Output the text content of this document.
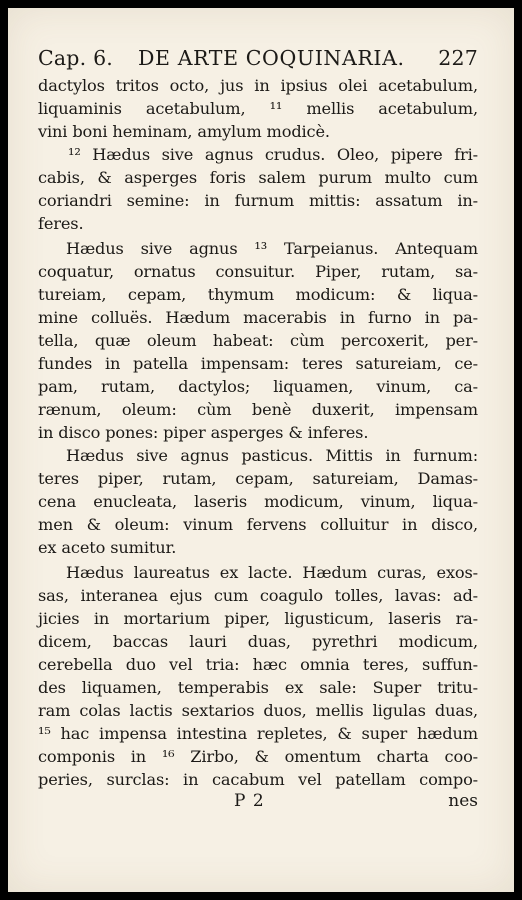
Cap. 6. DE ARTE COQUINARIA. 227
dactylos tritos octo, jus in ipsius olei acetabulum,
liquaminis acetabulum, ¹¹ mellis acetabulum,
vini boni heminam, amylum modicè.
¹² Hædus sive agnus crudus. Oleo, pipere fri-
cabis, & asperges foris salem purum multo cum
coriandri semine: in furnum mittis: assatum in-
feres.
Hædus sive agnus ¹³ Tarpeianus. Antequam
coquatur, ornatus consuitur. Piper, rutam, sa-
tureiam, cepam, thymum modicum: & liqua-
mine colluës. Hædum macerabis in furno in pa-
tella, quæ oleum habeat: cùm percoxerit, per-
fundes in patella impensam: teres satureiam, ce-
pam, rutam, dactylos; liquamen, vinum, ca-
rænum, oleum: cùm benè duxerit, impensam
in disco pones: piper asperges & inferes.
Hædus sive agnus pasticus. Mittis in furnum:
teres piper, rutam, cepam, satureiam, Damas-
cena enucleata, laseris modicum, vinum, liqua-
men & oleum: vinum fervens colluitur in disco,
ex aceto sumitur.
Hædus laureatus ex lacte. Hædum curas, exos-
sas, interanea ejus cum coagulo tolles, lavas: ad-
jicies in mortarium piper, ligusticum, laseris ra-
dicem, baccas lauri duas, pyrethri modicum,
cerebella duo vel tria: hæc omnia teres, suffun-
des liquamen, temperabis ex sale: Super tritu-
ram colas lactis sextarios duos, mellis ligulas duas,
¹⁵ hac impensa intestina repletes, & super hædum
componis in ¹⁶ Zirbo, & omentum charta coo-
peries, surclas: in cacabum vel patellam compo-
P 2	nes
